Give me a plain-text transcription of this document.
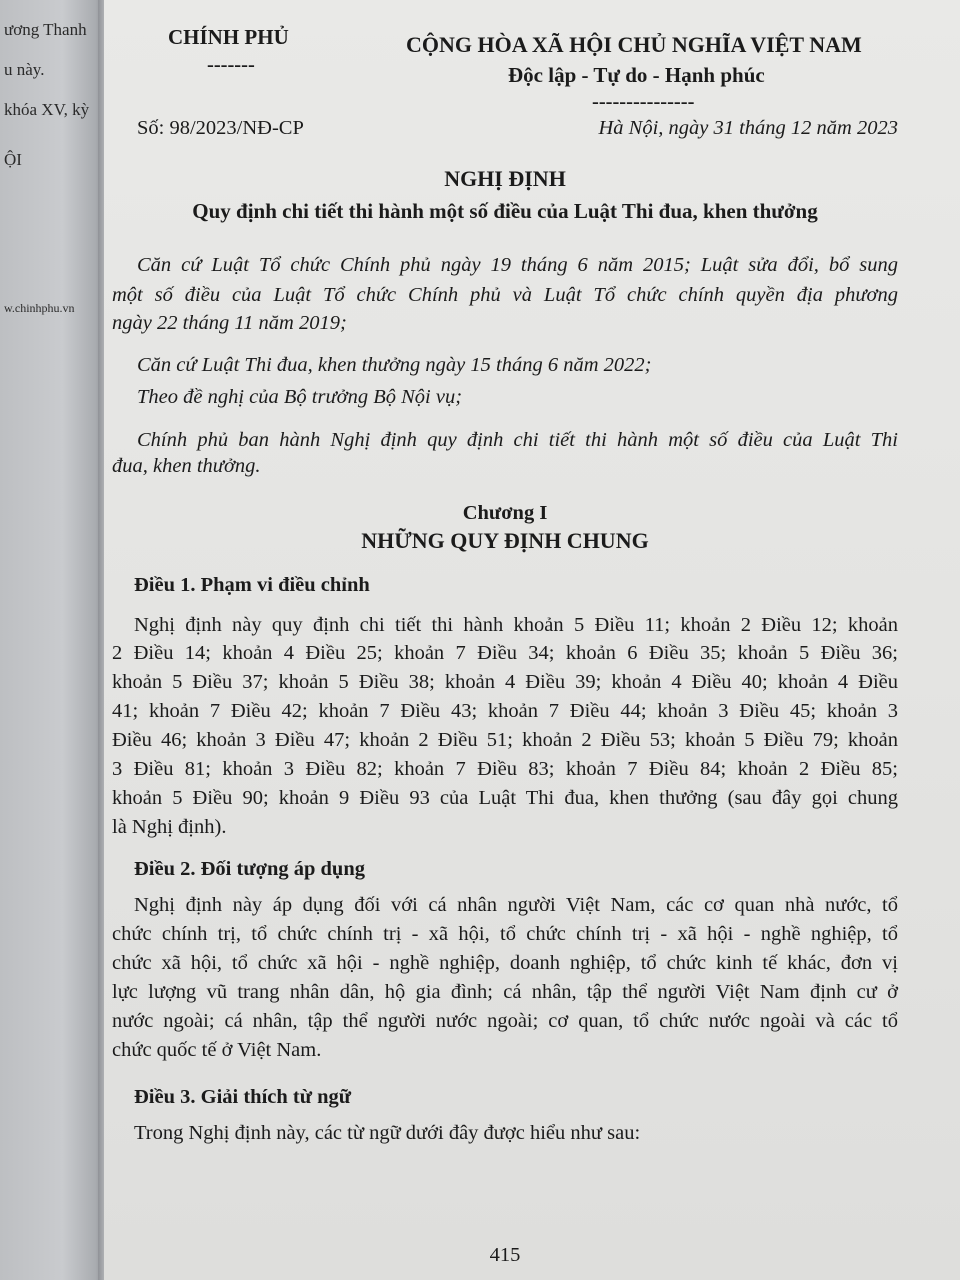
CHÍNH PHỦ
-------
CỘNG HÒA XÃ HỘI CHỦ NGHĨA VIỆT NAM
Độc lập - Tự do - Hạnh phúc
---------------
Số: 98/2023/NĐ-CP	Hà Nội, ngày 31 tháng 12 năm 2023
NGHỊ ĐỊNH
Quy định chi tiết thi hành một số điều của Luật Thi đua, khen thưởng
Chương I
NHỮNG QUY ĐỊNH CHUNG
415
ương Thanh
u này.
khóa XV, kỳ
ỘI
w.chinhphu.vn
Căn cứ Luật Tổ chức Chính phủ ngày 19 tháng 6 năm 2015; Luật sửa đổi, bổ sung
một số điều của Luật Tổ chức Chính phủ và Luật Tổ chức chính quyền địa phương
ngày 22 tháng 11 năm 2019;
Căn cứ Luật Thi đua, khen thưởng ngày 15 tháng 6 năm 2022;
Theo đề nghị của Bộ trưởng Bộ Nội vụ;
Chính phủ ban hành Nghị định quy định chi tiết thi hành một số điều của Luật Thi
đua, khen thưởng.
Điều 1. Phạm vi điều chỉnh
Nghị định này quy định chi tiết thi hành khoản 5 Điều 11; khoản 2 Điều 12; khoản
2 Điều 14; khoản 4 Điều 25; khoản 7 Điều 34; khoản 6 Điều 35; khoản 5 Điều 36;
khoản 5 Điều 37; khoản 5 Điều 38; khoản 4 Điều 39; khoản 4 Điều 40; khoản 4 Điều
41; khoản 7 Điều 42; khoản 7 Điều 43; khoản 7 Điều 44; khoản 3 Điều 45; khoản 3
Điều 46; khoản 3 Điều 47; khoản 2 Điều 51; khoản 2 Điều 53; khoản 5 Điều 79; khoản
3 Điều 81; khoản 3 Điều 82; khoản 7 Điều 83; khoản 7 Điều 84; khoản 2 Điều 85;
khoản 5 Điều 90; khoản 9 Điều 93 của Luật Thi đua, khen thưởng (sau đây gọi chung
là Nghị định).
Điều 2. Đối tượng áp dụng
Nghị định này áp dụng đối với cá nhân người Việt Nam, các cơ quan nhà nước, tổ
chức chính trị, tổ chức chính trị - xã hội, tổ chức chính trị - xã hội - nghề nghiệp, tổ
chức xã hội, tổ chức xã hội - nghề nghiệp, doanh nghiệp, tổ chức kinh tế khác, đơn vị
lực lượng vũ trang nhân dân, hộ gia đình; cá nhân, tập thể người Việt Nam định cư ở
nước ngoài; cá nhân, tập thể người nước ngoài; cơ quan, tổ chức nước ngoài và các tổ
chức quốc tế ở Việt Nam.
Điều 3. Giải thích từ ngữ
Trong Nghị định này, các từ ngữ dưới đây được hiểu như sau:
